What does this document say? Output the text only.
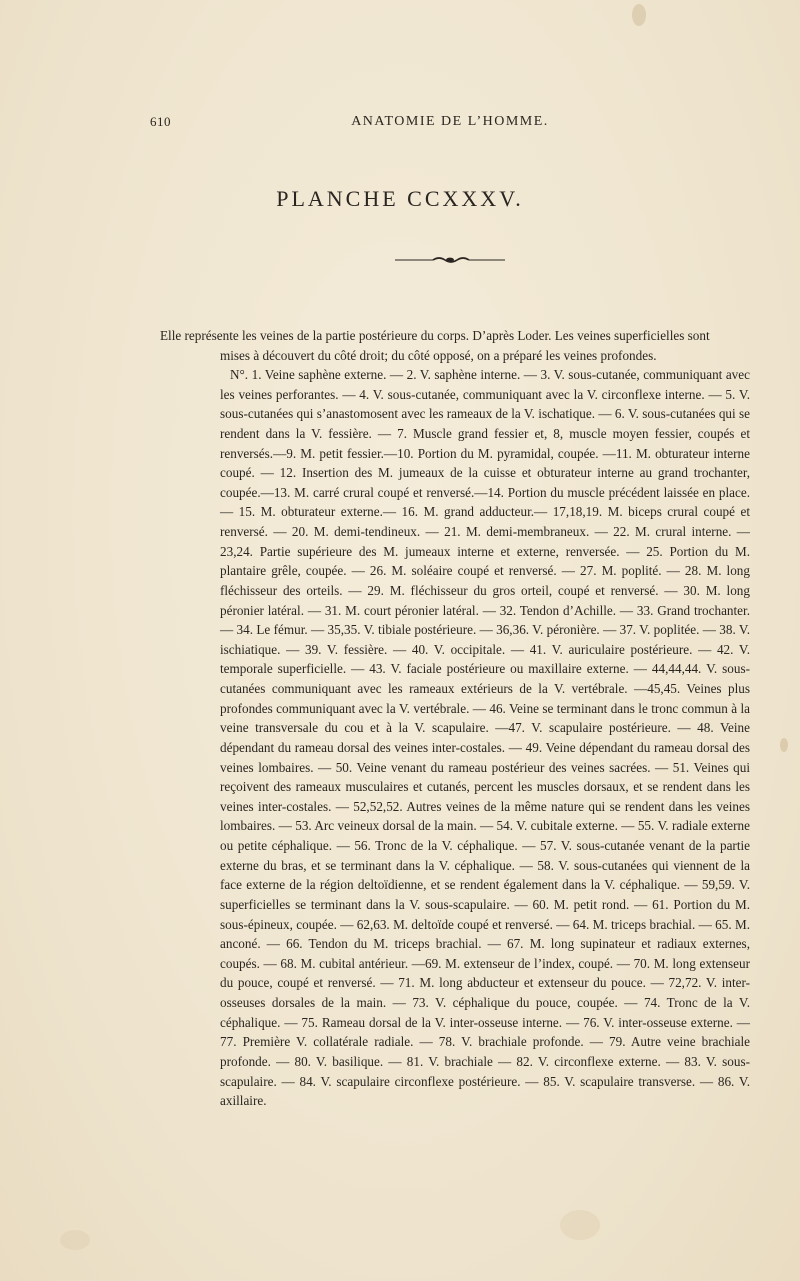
610	ANATOMIE DE L’HOMME.
PLANCHE CCXXXV.
Elle représente les veines de la partie postérieure du corps. D’après Loder. Les veines superficielles sont
mises à découvert du côté droit; du côté opposé, on a préparé les veines profondes.
N°. 1. Veine saphène externe. — 2. V. saphène interne. — 3. V. sous-cutanée, communiquant avec les veines perforantes. — 4. V. sous-cutanée, communiquant avec la V. circonflexe interne. — 5. V. sous-cutanées qui s’anastomosent avec les rameaux de la V. ischatique. — 6. V. sous-cutanées qui se rendent dans la V. fessière. — 7. Muscle grand fessier et, 8, muscle moyen fessier, coupés et renversés.—9. M. petit fessier.—10. Portion du M. pyramidal, coupée. —11. M. obturateur interne coupé. — 12. Insertion des M. jumeaux de la cuisse et obturateur interne au grand trochanter, coupée.—13. M. carré crural coupé et renversé.—14. Portion du muscle précédent laissée en place.— 15. M. obturateur externe.— 16. M. grand adducteur.— 17,18,19. M. biceps crural coupé et renversé. — 20. M. demi-tendineux. — 21. M. demi-membraneux. — 22. M. crural interne. — 23,24. Partie supérieure des M. jumeaux interne et externe, renversée. — 25. Portion du M. plantaire grêle, coupée. — 26. M. soléaire coupé et renversé. — 27. M. poplité. — 28. M. long fléchisseur des orteils. — 29. M. fléchisseur du gros orteil, coupé et renversé. — 30. M. long péronier latéral. — 31. M. court péronier latéral. — 32. Tendon d’Achille. — 33. Grand trochanter. — 34. Le fémur. — 35,35. V. tibiale postérieure. — 36,36. V. péronière. — 37. V. poplitée. — 38. V. ischiatique. — 39. V. fessière. — 40. V. occipitale. — 41. V. auriculaire postérieure. — 42. V. temporale superficielle. — 43. V. faciale postérieure ou maxillaire externe. — 44,44,44. V. sous-cutanées communiquant avec les rameaux extérieurs de la V. vertébrale. —45,45. Veines plus profondes communiquant avec la V. vertébrale. — 46. Veine se terminant dans le tronc commun à la veine transversale du cou et à la V. scapulaire. —47. V. scapulaire postérieure. — 48. Veine dépendant du rameau dorsal des veines inter-costales. — 49. Veine dépendant du rameau dorsal des veines lombaires. — 50. Veine venant du rameau postérieur des veines sacrées. — 51. Veines qui reçoivent des rameaux musculaires et cutanés, percent les muscles dorsaux, et se rendent dans les veines inter-costales. — 52,52,52. Autres veines de la même nature qui se rendent dans les veines lombaires. — 53. Arc veineux dorsal de la main. — 54. V. cubitale externe. — 55. V. radiale externe ou petite céphalique. — 56. Tronc de la V. céphalique. — 57. V. sous-cutanée venant de la partie externe du bras, et se terminant dans la V. céphalique. — 58. V. sous-cutanées qui viennent de la face externe de la région deltoïdienne, et se rendent également dans la V. céphalique. — 59,59. V. superficielles se terminant dans la V. sous-scapulaire. — 60. M. petit rond. — 61. Portion du M. sous-épineux, coupée. — 62,63. M. deltoïde coupé et renversé. — 64. M. triceps brachial. — 65. M. anconé. — 66. Tendon du M. triceps brachial. — 67. M. long supinateur et radiaux externes, coupés. — 68. M. cubital antérieur. —69. M. extenseur de l’index, coupé. — 70. M. long extenseur du pouce, coupé et renversé. — 71. M. long abducteur et extenseur du pouce. — 72,72. V. inter-osseuses dorsales de la main. — 73. V. céphalique du pouce, coupée. — 74. Tronc de la V. céphalique. — 75. Rameau dorsal de la V. inter-osseuse interne. — 76. V. inter-osseuse externe. — 77. Première V. collatérale radiale. — 78. V. brachiale profonde. — 79. Autre veine brachiale profonde. — 80. V. basilique. — 81. V. brachiale — 82. V. circonflexe externe. — 83. V. sous-scapulaire. — 84. V. scapulaire circonflexe postérieure. — 85. V. scapulaire transverse. — 86. V. axillaire.
